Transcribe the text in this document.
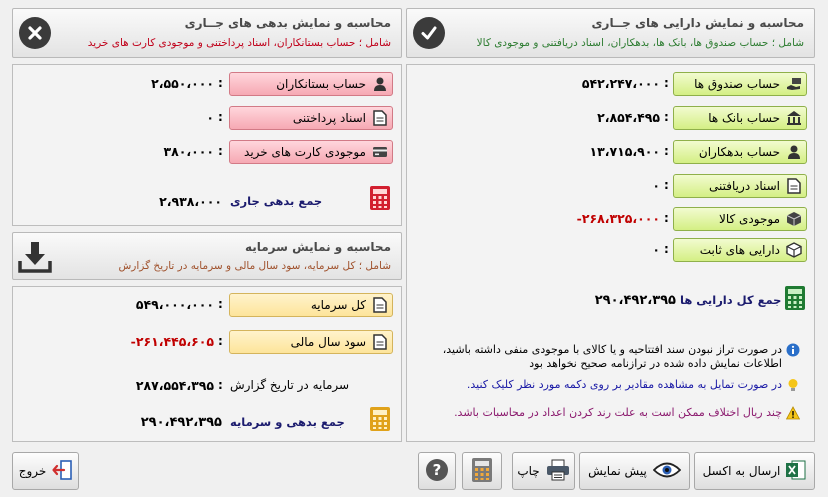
محاسبه و نمایش دارایی های جــاری
شامل ؛ حساب صندوق ها، بانک ها، بدهکاران، اسناد دریافتنی و موجودی کالا
حساب صندوق ها
:
۵۴۲،۲۴۷،۰۰۰
حساب بانک ها
:
۲،۸۵۴،۴۹۵
حساب بدهکاران
:
۱۳،۷۱۵،۹۰۰
اسناد دریافتنی
:
۰
موجودی کالا
:
-۲۶۸،۳۲۵،۰۰۰
دارایی های ثابت
:
۰
جمع کل دارایی ها
۲۹۰،۴۹۲،۳۹۵
در صورت تراز نبودن سند افتتاحیه و یا کالای با موجودی منفی داشته باشید، اطلاعات نمایش داده شده در ترازنامه صحیح نخواهد بود
در صورت تمایل به مشاهده مقادیر بر روی دکمه مورد نظر کلیک کنید.
چند ریال اختلاف ممکن است به علت رند کردن اعداد در محاسبات باشد.
محاسبه و نمایش بدهی های جــاری
شامل ؛ حساب بستانکاران، اسناد پرداختنی و موجودی کارت های خرید
حساب بستانکاران
:
۲،۵۵۰،۰۰۰
اسناد پرداختنی
:
۰
موجودی کارت های خرید
:
۳۸۰،۰۰۰
جمع بدهی جاری
۲،۹۳۸،۰۰۰
محاسبه و نمایش سرمایه
شامل ؛ کل سرمایه، سود سال مالی و سرمایه در تاریخ گزارش
کل سرمایه
:
۵۴۹،۰۰۰،۰۰۰
سود سال مالی
:
-۲۶۱،۴۴۵،۶۰۵
سرمایه در تاریخ گزارش
:
۲۸۷،۵۵۴،۳۹۵
جمع بدهی و سرمایه
۲۹۰،۴۹۲،۳۹۵
ارسال به اکسل
پیش نمایش
چاپ
?
خروج
